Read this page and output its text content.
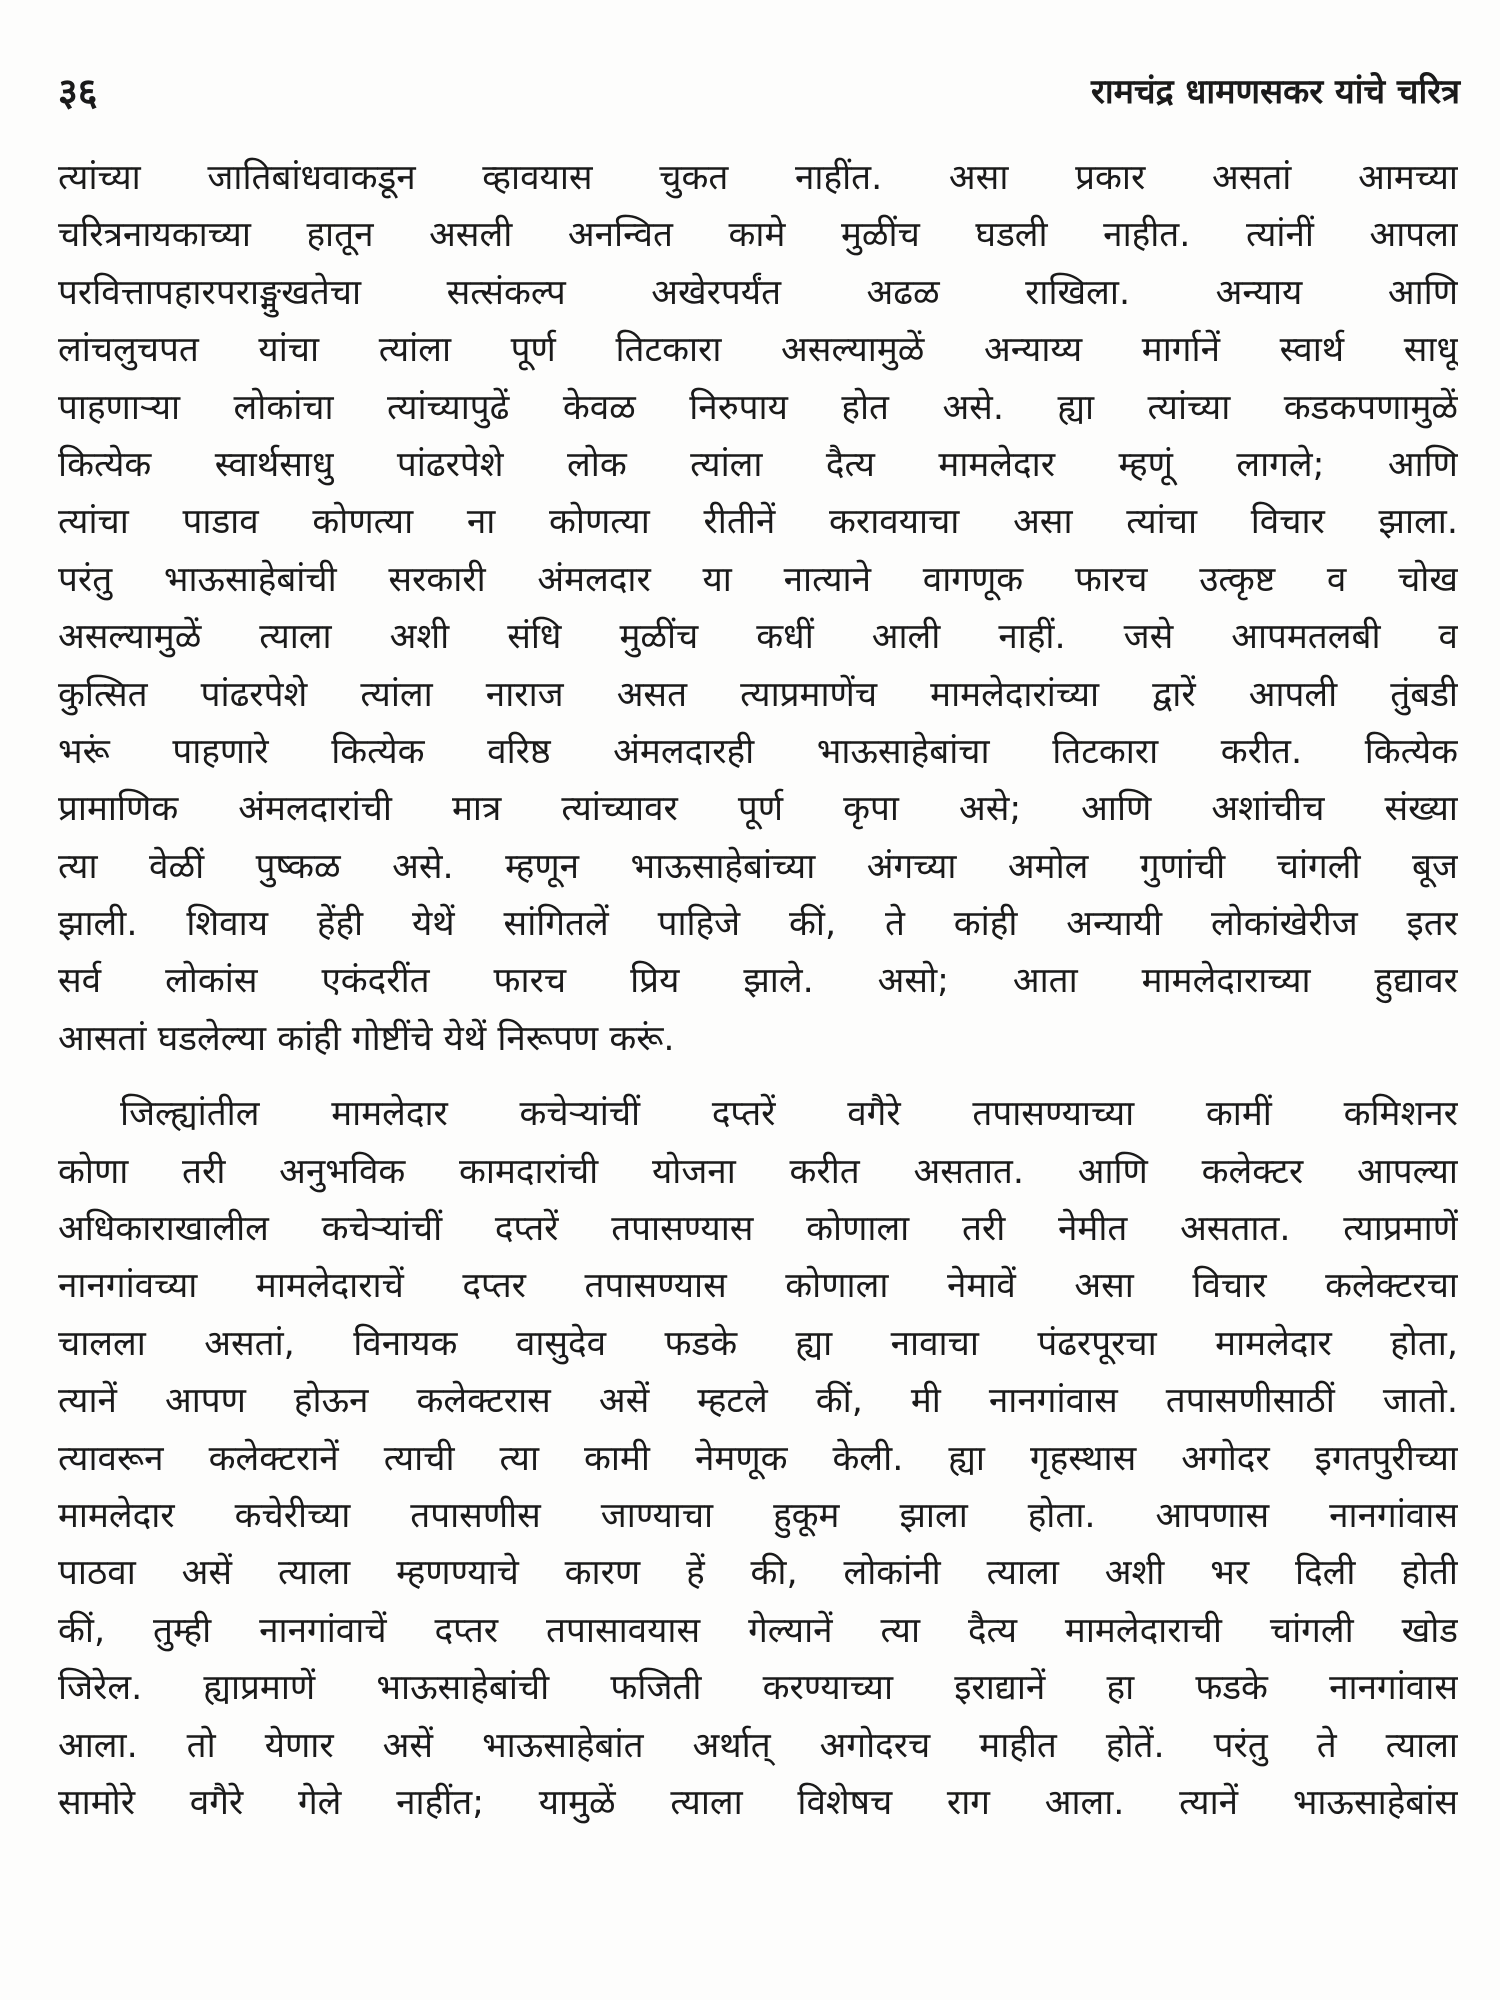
३६	रामचंद्र धामणसकर यांचे चरित्र
त्यांच्या जातिबांधवाकडून व्हावयास चुकत नाहींत. असा प्रकार असतां आमच्या
चरित्रनायकाच्या हातून असली अनन्वित कामे मुळींच घडली नाहीत. त्यांनीं आपला
परवित्तापहारपराङ्मुखतेचा सत्संकल्प अखेरपर्यंत अढळ राखिला. अन्याय आणि
लांचलुचपत यांचा त्यांला पूर्ण तिटकारा असल्यामुळें अन्याय्य मार्गानें स्वार्थ साधू
पाहणाऱ्या लोकांचा त्यांच्यापुढें केवळ निरुपाय होत असे. ह्या त्यांच्या कडकपणामुळें
कित्येक स्वार्थसाधु पांढरपेशे लोक त्यांला दैत्य मामलेदार म्हणूं लागले; आणि
त्यांचा पाडाव कोणत्या ना कोणत्या रीतीनें करावयाचा असा त्यांचा विचार झाला.
परंतु भाऊसाहेबांची सरकारी अंमलदार या नात्याने वागणूक फारच उत्कृष्ट व चोख
असल्यामुळें त्याला अशी संधि मुळींच कधीं आली नाहीं. जसे आपमतलबी व
कुत्सित पांढरपेशे त्यांला नाराज असत त्याप्रमाणेंच मामलेदारांच्या द्वारें आपली तुंबडी
भरूं पाहणारे कित्येक वरिष्ठ अंमलदारही भाऊसाहेबांचा तिटकारा करीत. कित्येक
प्रामाणिक अंमलदारांची मात्र त्यांच्यावर पूर्ण कृपा असे; आणि अशांचीच संख्या
त्या वेळीं पुष्कळ असे. म्हणून भाऊसाहेबांच्या अंगच्या अमोल गुणांची चांगली बूज
झाली. शिवाय हेंही येथें सांगितलें पाहिजे कीं, ते कांही अन्यायी लोकांखेरीज इतर
सर्व लोकांस एकंदरींत फारच प्रिय झाले. असो; आता मामलेदाराच्या हुद्यावर
आसतां घडलेल्या कांही गोष्टींचे येथें निरूपण करूं.
जिल्ह्यांतील मामलेदार कचेऱ्यांचीं दप्तरें वगैरे तपासण्याच्या कामीं कमिशनर
कोणा तरी अनुभविक कामदारांची योजना करीत असतात. आणि कलेक्टर आपल्या
अधिकाराखालील कचेऱ्यांचीं दप्तरें तपासण्यास कोणाला तरी नेमीत असतात. त्याप्रमाणें
नानगांवच्या मामलेदाराचें दप्तर तपासण्यास कोणाला नेमावें असा विचार कलेक्टरचा
चालला असतां, विनायक वासुदेव फडके ह्या नावाचा पंढरपूरचा मामलेदार होता,
त्यानें आपण होऊन कलेक्टरास असें म्हटले कीं, मी नानगांवास तपासणीसाठीं जातो.
त्यावरून कलेक्टरानें त्याची त्या कामी नेमणूक केली. ह्या गृहस्थास अगोदर इगतपुरीच्या
मामलेदार कचेरीच्या तपासणीस जाण्याचा हुकूम झाला होता. आपणास नानगांवास
पाठवा असें त्याला म्हणण्याचे कारण हें की, लोकांनी त्याला अशी भर दिली होती
कीं, तुम्ही नानगांवाचें दप्तर तपासावयास गेल्यानें त्या दैत्य मामलेदाराची चांगली खोड
जिरेल. ह्याप्रमाणें भाऊसाहेबांची फजिती करण्याच्या इराद्यानें हा फडके नानगांवास
आला. तो येणार असें भाऊसाहेबांत अर्थात् अगोदरच माहीत होतें. परंतु ते त्याला
सामोरे वगैरे गेले नाहींत; यामुळें त्याला विशेषच राग आला. त्यानें भाऊसाहेबांस
